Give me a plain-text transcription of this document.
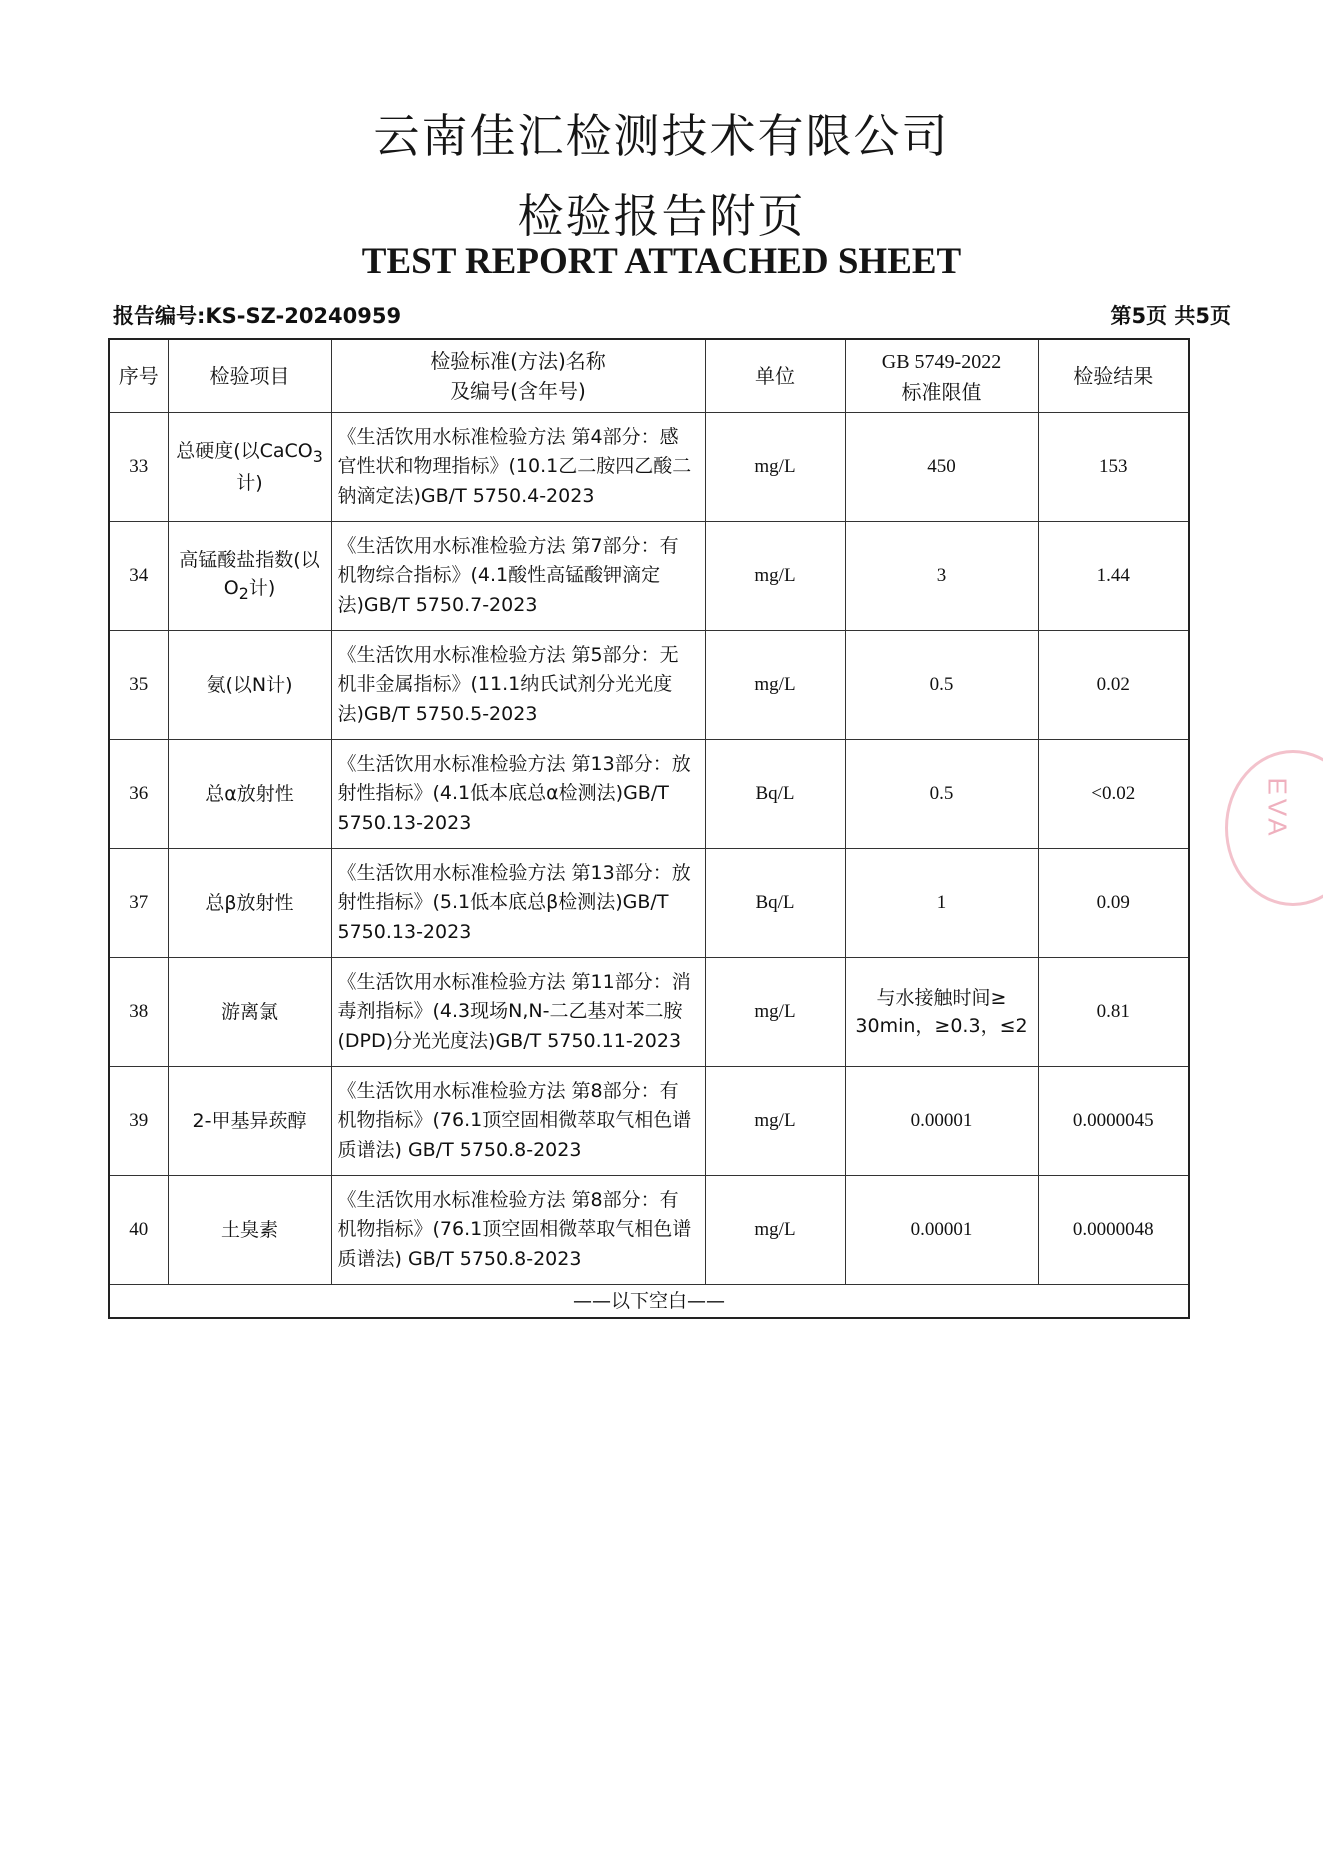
云南佳汇检测技术有限公司
检验报告附页
TEST REPORT ATTACHED SHEET
报告编号:KS-SZ-20240959	第5页 共5页
序号	检验项目	检验标准(方法)名称
及编号(含年号)	单位	GB 5749-2022
标准限值	检验结果
33	总硬度(以CaCO$_3$
计)	《生活饮用水标准检验方法 第4部分：感官性状和物理指标》(10.1乙二胺四乙酸二钠滴定法)GB/T 5750.4-2023	mg/L	450	153
34	高锰酸盐指数(以$O_2$计)	《生活饮用水标准检验方法 第7部分：有机物综合指标》(4.1酸性高锰酸钾滴定法)GB/T 5750.7-2023	mg/L	3	1.44
35	氨(以N计)	《生活饮用水标准检验方法 第5部分：无机非金属指标》(11.1纳氏试剂分光光度法)GB/T 5750.5-2023	mg/L	0.5	0.02
36	总α放射性	《生活饮用水标准检验方法 第13部分：放射性指标》(4.1低本底总α检测法)GB/T 5750.13-2023	Bq/L	0.5	<0.02
37	总β放射性	《生活饮用水标准检验方法 第13部分：放射性指标》(5.1低本底总β检测法)GB/T 5750.13-2023	Bq/L	1	0.09
38	游离氯	《生活饮用水标准检验方法 第11部分：消毒剂指标》(4.3现场N,N-二乙基对苯二胺(DPD)分光光度法)GB/T 5750.11-2023	mg/L	与水接触时间≥
30min，≥0.3，≤2	0.81
39	2-甲基异莰醇	《生活饮用水标准检验方法 第8部分：有机物指标》(76.1顶空固相微萃取气相色谱质谱法) GB/T 5750.8-2023	mg/L	0.00001	0.0000045
40	土臭素	《生活饮用水标准检验方法 第8部分：有机物指标》(76.1顶空固相微萃取气相色谱质谱法) GB/T 5750.8-2023	mg/L	0.00001	0.0000048
——以下空白——					
EVA
